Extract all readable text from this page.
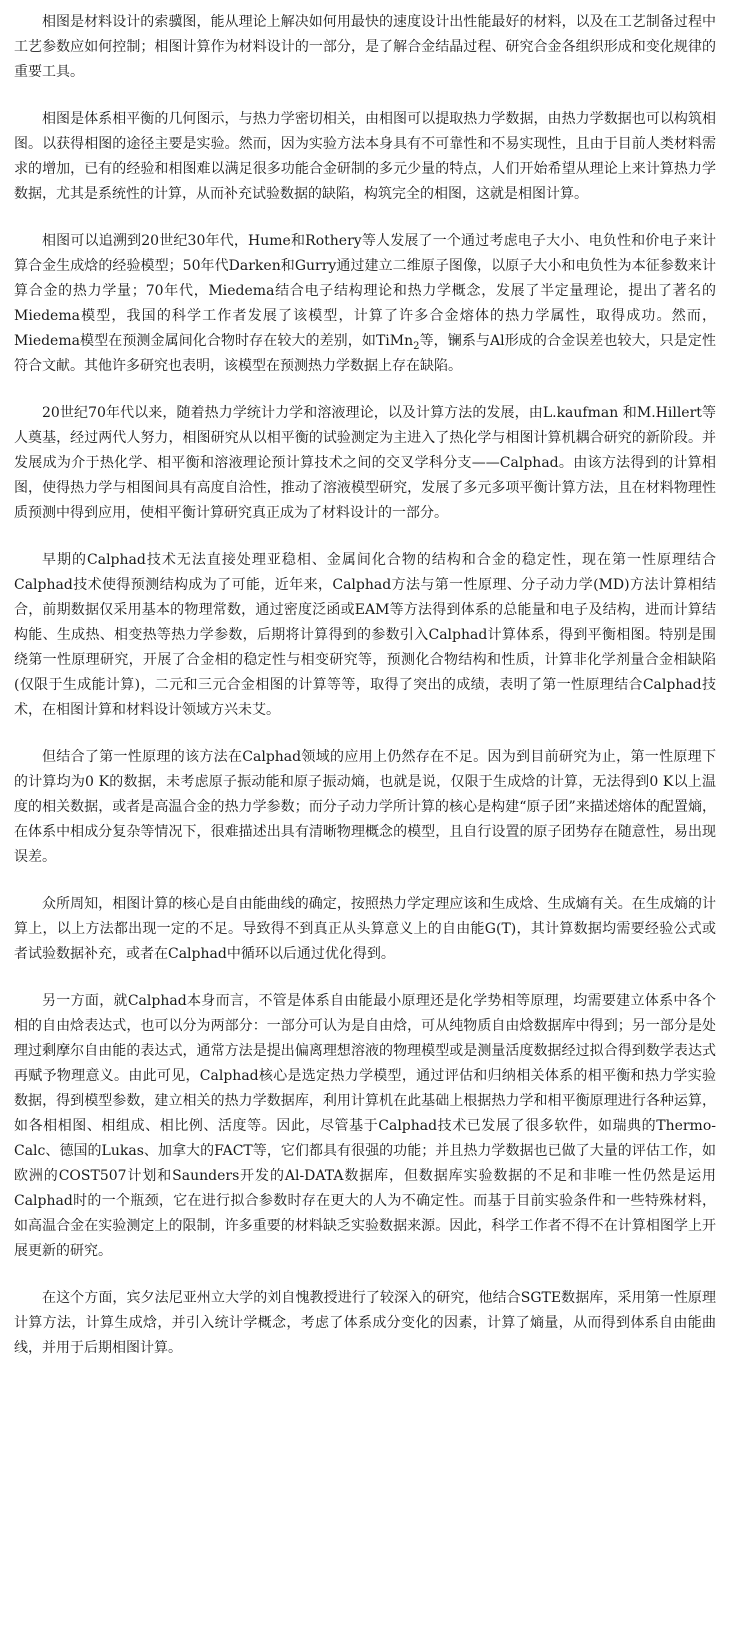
相图是材料设计的索骥图，能从理论上解决如何用最快的速度设计出性能最好的材料，以及在工艺制备过程中工艺参数应如何控制；相图计算作为材料设计的一部分，是了解合金结晶过程、研究合金各组织形成和变化规律的重要工具。

相图是体系相平衡的几何图示，与热力学密切相关，由相图可以提取热力学数据，由热力学数据也可以构筑相图。以获得相图的途径主要是实验。然而，因为实验方法本身具有不可靠性和不易实现性，且由于目前人类材料需求的增加，已有的经验和相图难以满足很多功能合金研制的多元少量的特点，人们开始希望从理论上来计算热力学数据，尤其是系统性的计算，从而补充试验数据的缺陷，构筑完全的相图，这就是相图计算。

相图可以追溯到20世纪30年代，Hume和Rothery等人发展了一个通过考虑电子大小、电负性和价电子来计算合金生成焓的经验模型；50年代Darken和Gurry通过建立二维原子图像，以原子大小和电负性为本征参数来计算合金的热力学量；70年代，Miedema结合电子结构理论和热力学概念，发展了半定量理论，提出了著名的Miedema模型，我国的科学工作者发展了该模型，计算了许多合金熔体的热力学属性，取得成功。然而，Miedema模型在预测金属间化合物时存在较大的差别，如TiMn$_2$等，镧系与Al形成的合金误差也较大，只是定性符合文献。其他许多研究也表明，该模型在预测热力学数据上存在缺陷。

20世纪70年代以来，随着热力学统计力学和溶液理论，以及计算方法的发展，由L.kaufman 和M.Hillert等人奠基，经过两代人努力，相图研究从以相平衡的试验测定为主进入了热化学与相图计算机耦合研究的新阶段。并发展成为介于热化学、相平衡和溶液理论预计算技术之间的交叉学科分支——Calphad。由该方法得到的计算相图，使得热力学与相图间具有高度自洽性，推动了溶液模型研究，发展了多元多项平衡计算方法，且在材料物理性质预测中得到应用，使相平衡计算研究真正成为了材料设计的一部分。

早期的Calphad技术无法直接处理亚稳相、金属间化合物的结构和合金的稳定性，现在第一性原理结合Calphad技术使得预测结构成为了可能，近年来，Calphad方法与第一性原理、分子动力学(MD)方法计算相结合，前期数据仅采用基本的物理常数，通过密度泛函或EAM等方法得到体系的总能量和电子及结构，进而计算结构能、生成热、相变热等热力学参数，后期将计算得到的参数引入Calphad计算体系，得到平衡相图。特别是围绕第一性原理研究，开展了合金相的稳定性与相变研究等，预测化合物结构和性质，计算非化学剂量合金相缺陷(仅限于生成能计算)，二元和三元合金相图的计算等等，取得了突出的成绩，表明了第一性原理结合Calphad技术，在相图计算和材料设计领域方兴未艾。

但结合了第一性原理的该方法在Calphad领域的应用上仍然存在不足。因为到目前研究为止，第一性原理下的计算均为0 K的数据，未考虑原子振动能和原子振动熵，也就是说，仅限于生成焓的计算，无法得到0 K以上温度的相关数据，或者是高温合金的热力学参数；而分子动力学所计算的核心是构建“原子团”来描述熔体的配置熵，在体系中相成分复杂等情况下，很难描述出具有清晰物理概念的模型，且自行设置的原子团势存在随意性，易出现误差。

众所周知，相图计算的核心是自由能曲线的确定，按照热力学定理应该和生成焓、生成熵有关。在生成熵的计算上，以上方法都出现一定的不足。导致得不到真正从头算意义上的自由能G(T)，其计算数据均需要经验公式或者试验数据补充，或者在Calphad中循环以后通过优化得到。

另一方面，就Calphad本身而言，不管是体系自由能最小原理还是化学势相等原理，均需要建立体系中各个相的自由焓表达式，也可以分为两部分：一部分可认为是自由焓，可从纯物质自由焓数据库中得到；另一部分是处理过剩摩尔自由能的表达式，通常方法是提出偏离理想溶液的物理模型或是测量活度数据经过拟合得到数学表达式再赋予物理意义。由此可见，Calphad核心是选定热力学模型，通过评估和归纳相关体系的相平衡和热力学实验数据，得到模型参数，建立相关的热力学数据库，利用计算机在此基础上根据热力学和相平衡原理进行各种运算，如各相相图、相组成、相比例、活度等。因此，尽管基于Calphad技术已发展了很多软件，如瑞典的Thermo-Calc、德国的Lukas、加拿大的FACT等，它们都具有很强的功能；并且热力学数据也已做了大量的评估工作，如欧洲的COST507计划和Saunders开发的Al-DATA数据库，但数据库实验数据的不足和非唯一性仍然是运用Calphad时的一个瓶颈，它在进行拟合参数时存在更大的人为不确定性。而基于目前实验条件和一些特殊材料，如高温合金在实验测定上的限制，许多重要的材料缺乏实验数据来源。因此，科学工作者不得不在计算相图学上开展更新的研究。

在这个方面，宾夕法尼亚州立大学的刘自愧教授进行了较深入的研究，他结合SGTE数据库，采用第一性原理计算方法，计算生成焓，并引入统计学概念，考虑了体系成分变化的因素，计算了熵量，从而得到体系自由能曲线，并用于后期相图计算。
